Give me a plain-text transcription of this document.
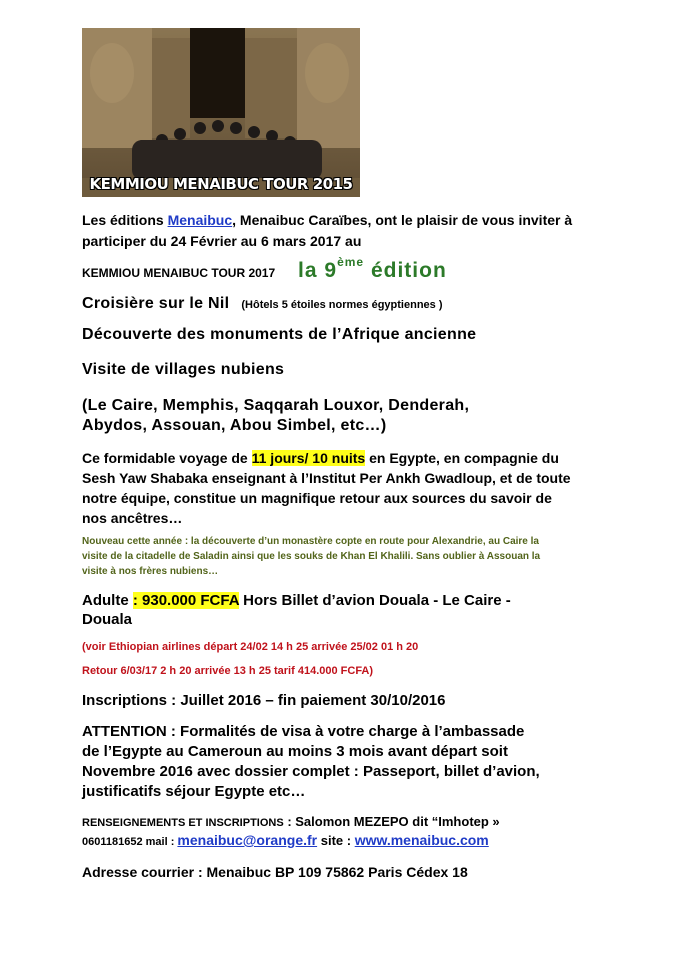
KEMMIOU MENAIBUC TOUR 2015
Les éditions Menaibuc, Menaibuc Caraïbes, ont le plaisir de vous inviter à
participer du 24 Février au 6 mars 2017 au
KEMMIOU MENAIBUC TOUR 2017 la 9ème édition
Croisière sur le Nil (Hôtels 5 étoiles normes égyptiennes )
Découverte des monuments de l’Afrique ancienne
Visite de villages nubiens
(Le Caire, Memphis, Saqqarah Louxor, Denderah,
Abydos, Assouan, Abou Simbel, etc…)
Ce formidable voyage de 11 jours/ 10 nuits en Egypte, en compagnie du
Sesh Yaw Shabaka enseignant à l’Institut Per Ankh Gwadloup, et de toute
notre équipe, constitue un magnifique retour aux sources du savoir de
nos ancêtres…
Nouveau cette année : la découverte d’un monastère copte en route pour Alexandrie, au Caire la
visite de la citadelle de Saladin ainsi que les souks de Khan El Khalili. Sans oublier à Assouan la
visite à nos frères nubiens…
Adulte : 930.000 FCFA Hors Billet d’avion Douala - Le Caire -
Douala
(voir Ethiopian airlines départ 24/02 14 h 25 arrivée 25/02 01 h 20
Retour 6/03/17 2 h 20 arrivée 13 h 25 tarif 414.000 FCFA)
Inscriptions : Juillet 2016 – fin paiement 30/10/2016
ATTENTION : Formalités de visa à votre charge à l’ambassade
de l’Egypte au Cameroun au moins 3 mois avant départ soit
Novembre 2016 avec dossier complet : Passeport, billet d’avion,
justificatifs séjour Egypte etc…
RENSEIGNEMENTS ET INSCRIPTIONS : Salomon MEZEPO dit “Imhotep »
0601181652 mail : menaibuc@orange.fr site : www.menaibuc.com
Adresse courrier : Menaibuc BP 109 75862 Paris Cédex 18
